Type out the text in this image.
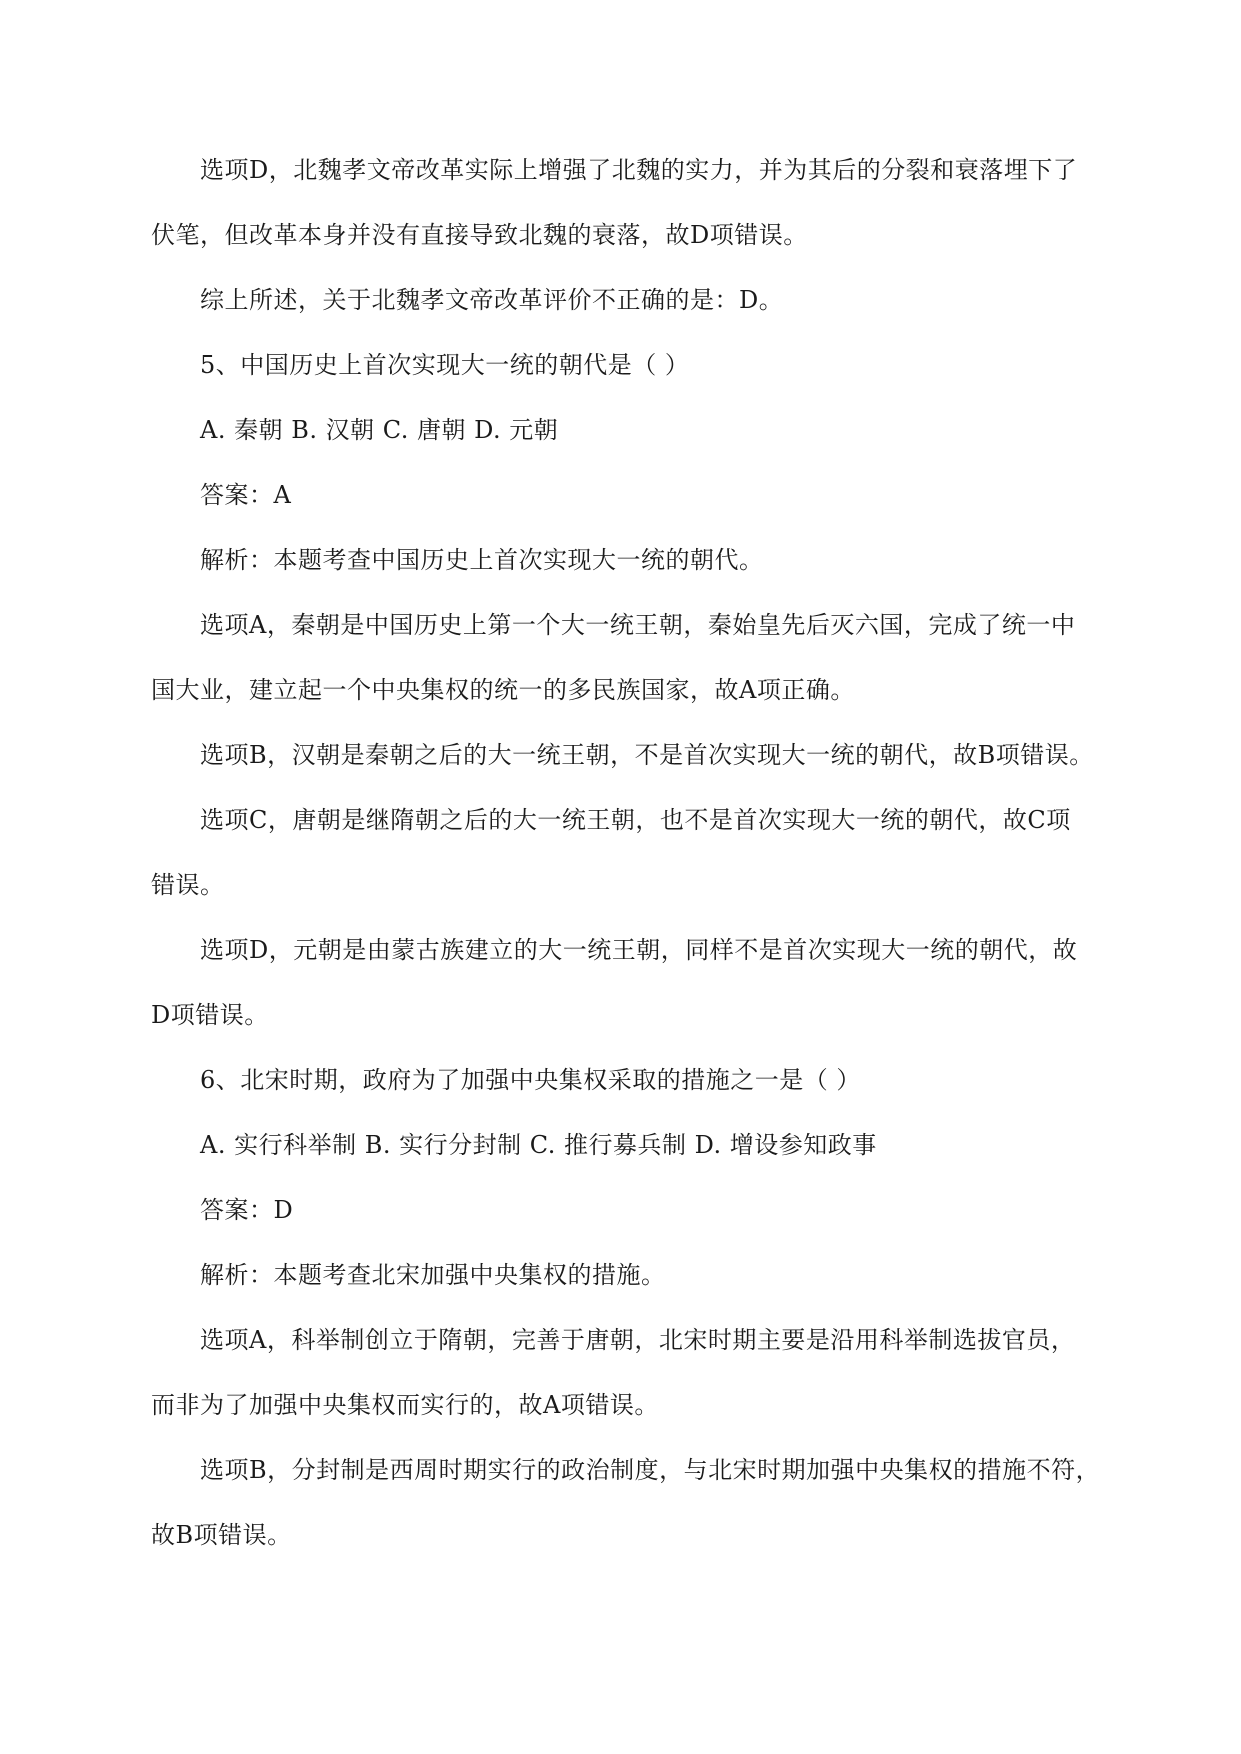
选项D，北魏孝文帝改革实际上增强了北魏的实力，并为其后的分裂和衰落埋下了

伏笔，但改革本身并没有直接导致北魏的衰落，故D项错误。

综上所述，关于北魏孝文帝改革评价不正确的是：D。

5、中国历史上首次实现大一统的朝代是（ ）

A. 秦朝 B. 汉朝 C. 唐朝 D. 元朝

答案：A

解析：本题考查中国历史上首次实现大一统的朝代。

选项A，秦朝是中国历史上第一个大一统王朝，秦始皇先后灭六国，完成了统一中

国大业，建立起一个中央集权的统一的多民族国家，故A项正确。

选项B，汉朝是秦朝之后的大一统王朝，不是首次实现大一统的朝代，故B项错误。

选项C，唐朝是继隋朝之后的大一统王朝，也不是首次实现大一统的朝代，故C项

错误。

选项D，元朝是由蒙古族建立的大一统王朝，同样不是首次实现大一统的朝代，故

D项错误。

6、北宋时期，政府为了加强中央集权采取的措施之一是（ ）

A. 实行科举制 B. 实行分封制 C. 推行募兵制 D. 增设参知政事

答案：D

解析：本题考查北宋加强中央集权的措施。

选项A，科举制创立于隋朝，完善于唐朝，北宋时期主要是沿用科举制选拔官员，

而非为了加强中央集权而实行的，故A项错误。

选项B，分封制是西周时期实行的政治制度，与北宋时期加强中央集权的措施不符，

故B项错误。
